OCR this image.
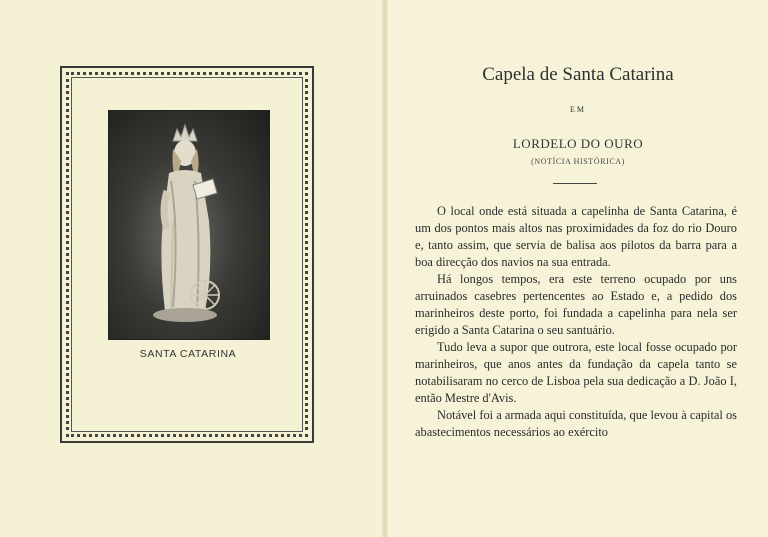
SANTA CATARINA
Capela de Santa Catarina
EM
LORDELO DO OURO
(NOTÍCIA HISTÓRICA)

O local onde está situada a capelinha de Santa Catarina, é um dos pontos mais altos nas proximidades da foz do rio Douro e, tanto assim, que servia de balisa aos pilotos da barra para a boa direcção dos navios na sua entrada.

Há longos tempos, era este terreno ocupado por uns arruinados casebres pertencentes ao Estado e, a pedido dos marinheiros deste porto, foi fundada a capelinha para nela ser erigido a Santa Catarina o seu santuário.

Tudo leva a supor que outrora, este local fosse ocupado por marinheiros, que anos antes da fundação da capela tanto se notabilisaram no cerco de Lisboa pela sua dedicação a D. João I, então Mestre d'Avis.

Notável foi a armada aqui constituída, que levou à capital os abastecimentos necessários ao exército
